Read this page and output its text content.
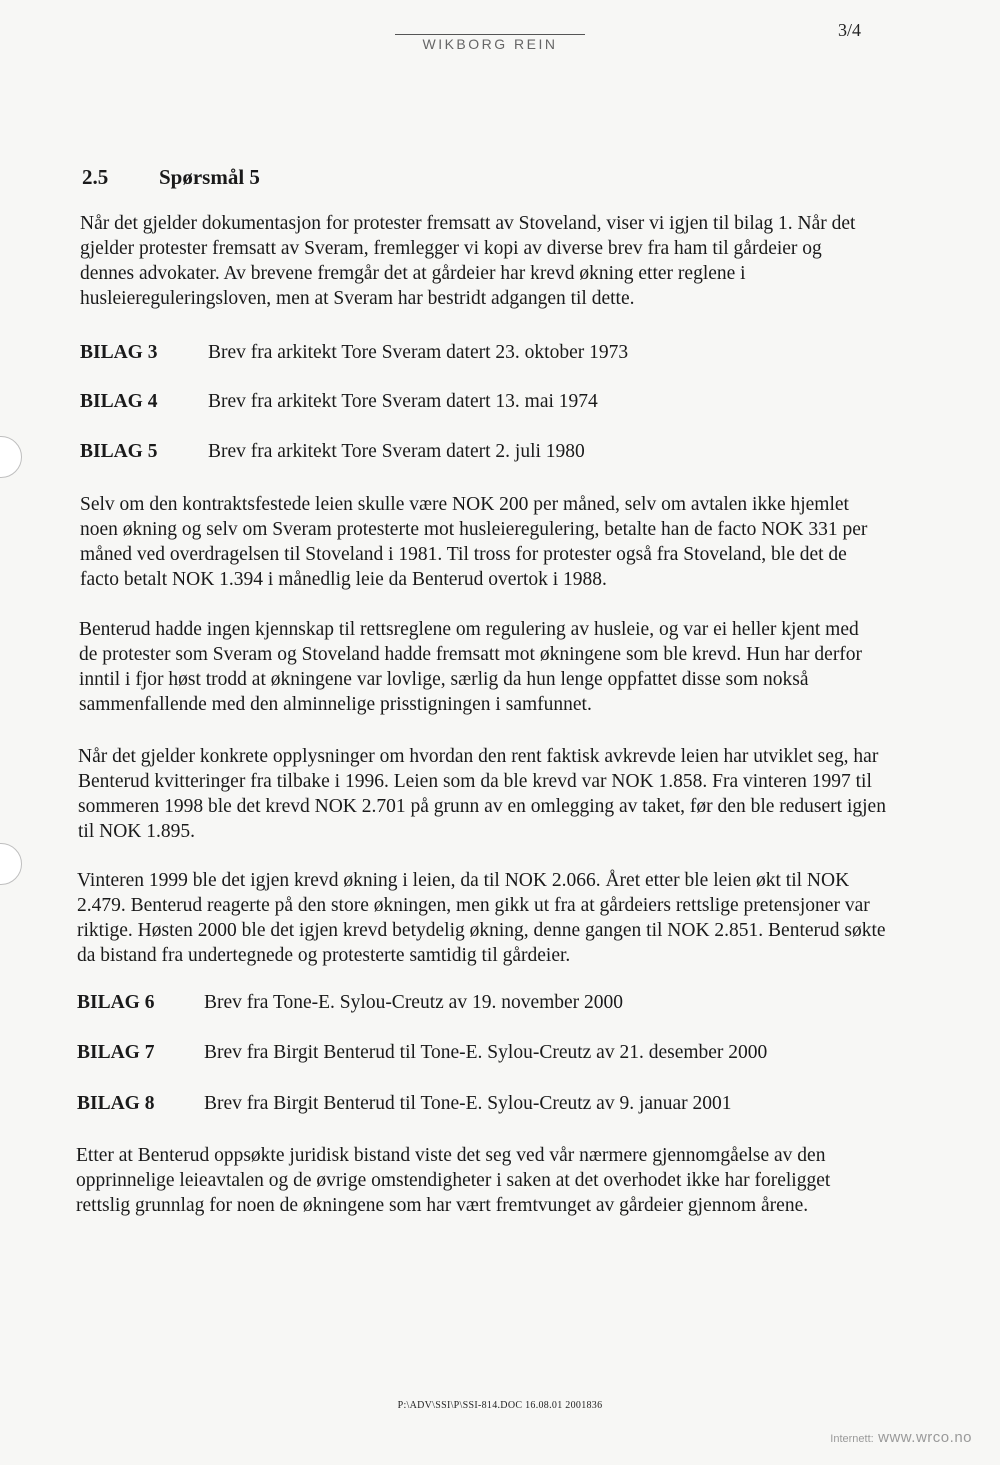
WIKBORG REIN
3/4
2.5 Spørsmål 5

Når det gjelder dokumentasjon for protester fremsatt av Stoveland, viser vi igjen til bilag 1. Når det gjelder protester fremsatt av Sveram, fremlegger vi kopi av diverse brev fra ham til gårdeier og dennes advokater. Av brevene fremgår det at gårdeier har krevd økning etter reglene i husleiereguleringsloven, men at Sveram har bestridt adgangen til dette.

BILAG 3	Brev fra arkitekt Tore Sveram datert 23. oktober 1973
BILAG 4	Brev fra arkitekt Tore Sveram datert 13. mai 1974
BILAG 5	Brev fra arkitekt Tore Sveram datert 2. juli 1980

Selv om den kontraktsfestede leien skulle være NOK 200 per måned, selv om avtalen ikke hjemlet noen økning og selv om Sveram protesterte mot husleieregulering, betalte han de facto NOK 331 per måned ved overdragelsen til Stoveland i 1981. Til tross for protester også fra Stoveland, ble det de facto betalt NOK 1.394 i månedlig leie da Benterud overtok i 1988.

Benterud hadde ingen kjennskap til rettsreglene om regulering av husleie, og var ei heller kjent med de protester som Sveram og Stoveland hadde fremsatt mot økningene som ble krevd. Hun har derfor inntil i fjor høst trodd at økningene var lovlige, særlig da hun lenge oppfattet disse som nokså sammenfallende med den alminnelige prisstigningen i samfunnet.

Når det gjelder konkrete opplysninger om hvordan den rent faktisk avkrevde leien har utviklet seg, har Benterud kvitteringer fra tilbake i 1996. Leien som da ble krevd var NOK 1.858. Fra vinteren 1997 til sommeren 1998 ble det krevd NOK 2.701 på grunn av en omlegging av taket, før den ble redusert igjen til NOK 1.895.

Vinteren 1999 ble det igjen krevd økning i leien, da til NOK 2.066. Året etter ble leien økt til NOK 2.479. Benterud reagerte på den store økningen, men gikk ut fra at gårdeiers rettslige pretensjoner var riktige. Høsten 2000 ble det igjen krevd betydelig økning, denne gangen til NOK 2.851. Benterud søkte da bistand fra undertegnede og protesterte samtidig til gårdeier.

BILAG 6	Brev fra Tone-E. Sylou-Creutz av 19. november 2000
BILAG 7	Brev fra Birgit Benterud til Tone-E. Sylou-Creutz av 21. desember 2000
BILAG 8	Brev fra Birgit Benterud til Tone-E. Sylou-Creutz av 9. januar 2001

Etter at Benterud oppsøkte juridisk bistand viste det seg ved vår nærmere gjennomgåelse av den opprinnelige leieavtalen og de øvrige omstendigheter i saken at det overhodet ikke har foreligget rettslig grunnlag for noen de økningene som har vært fremtvunget av gårdeier gjennom årene.

P:\ADV\SSI\P\SSI-814.DOC 16.08.01 2001836
Internett: www.wrco.no
